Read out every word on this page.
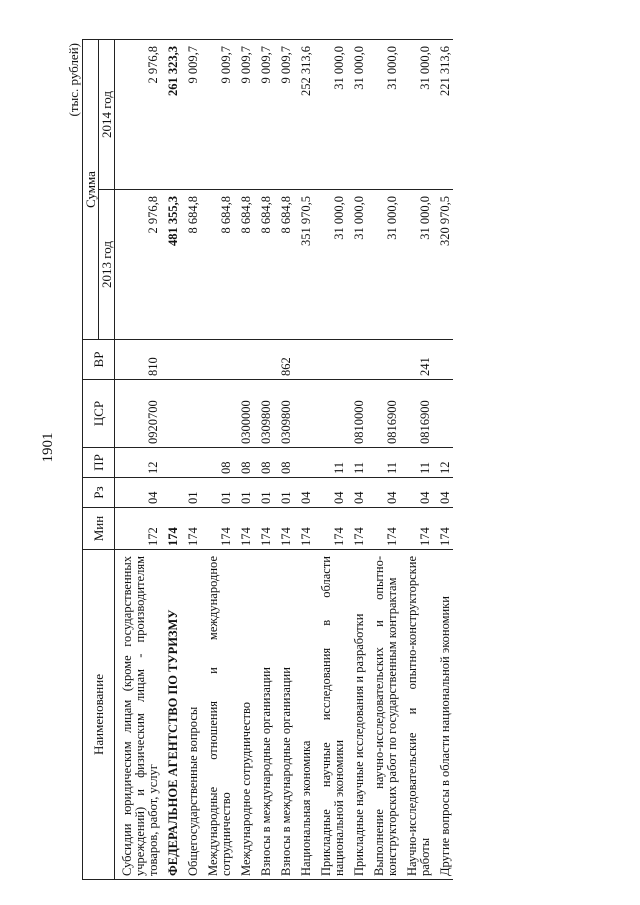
1901
(тыс. рублей)
Наименование	Мин	Рз	ПР	ЦСР	ВР	Сумма	
						2013 год	2014 год
Субсидии юридическим лицам (кроме государственных учреждений) и физическим лицам - производителям товаров, работ, услуг	172	04	12	0920700	810	2 976,8	2 976,8
ФЕДЕРАЛЬНОЕ АГЕНТСТВО ПО ТУРИЗМУ	174					481 355,3	261 323,3
Общегосударственные вопросы	174	01				8 684,8	9 009,7
Международные отношения и международное сотрудничество	174	01	08			8 684,8	9 009,7
Международное сотрудничество	174	01	08	0300000		8 684,8	9 009,7
Взносы в международные организации	174	01	08	0309800		8 684,8	9 009,7
Взносы в международные организации	174	01	08	0309800	862	8 684,8	9 009,7
Национальная экономика	174	04				351 970,5	252 313,6
Прикладные научные исследования в области национальной экономики	174	04	11			31 000,0	31 000,0
Прикладные научные исследования и разработки	174	04	11	0810000		31 000,0	31 000,0
Выполнение научно-исследовательских и опытно-конструкторских работ по государственным контрактам	174	04	11	0816900		31 000,0	31 000,0
Научно-исследовательские и опытно-конструкторские работы	174	04	11	0816900	241	31 000,0	31 000,0
Другие вопросы в области национальной экономики	174	04	12			320 970,5	221 313,6
